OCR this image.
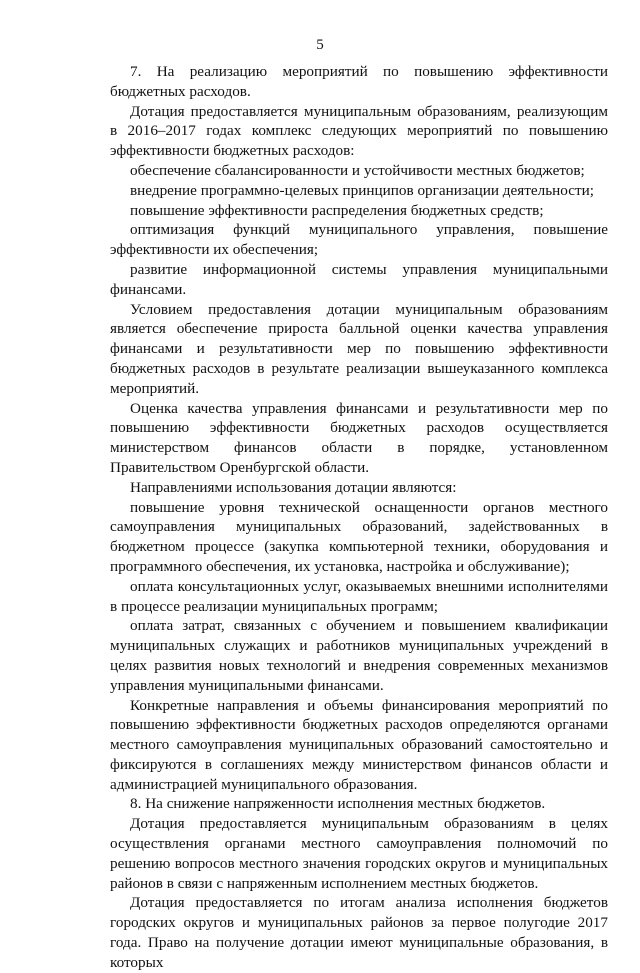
5

7. На реализацию мероприятий по повышению эффективности бюджетных расходов.

Дотация предоставляется муниципальным образованиям, реализующим в 2016–2017 годах комплекс следующих мероприятий по повышению эффективности бюджетных расходов:

обеспечение сбалансированности и устойчивости местных бюджетов;

внедрение программно-целевых принципов организации деятельности;

повышение эффективности распределения бюджетных средств;

оптимизация функций муниципального управления, повышение эффективности их обеспечения;

развитие информационной системы управления муниципальными финансами.

Условием предоставления дотации муниципальным образованиям является обеспечение прироста балльной оценки качества управления финансами и результативности мер по повышению эффективности бюджетных расходов в результате реализации вышеуказанного комплекса мероприятий.

Оценка качества управления финансами и результативности мер по повышению эффективности бюджетных расходов осуществляется министерством финансов области в порядке, установленном Правительством Оренбургской области.

Направлениями использования дотации являются:

повышение уровня технической оснащенности органов местного самоуправления муниципальных образований, задействованных в бюджетном процессе (закупка компьютерной техники, оборудования и программного обеспечения, их установка, настройка и обслуживание);

оплата консультационных услуг, оказываемых внешними исполнителями в процессе реализации муниципальных программ;

оплата затрат, связанных с обучением и повышением квалификации муниципальных служащих и работников муниципальных учреждений в целях развития новых технологий и внедрения современных механизмов управления муниципальными финансами.

Конкретные направления и объемы финансирования мероприятий по повышению эффективности бюджетных расходов определяются органами местного самоуправления муниципальных образований самостоятельно и фиксируются в соглашениях между министерством финансов области и администрацией муниципального образования.

8. На снижение напряженности исполнения местных бюджетов.

Дотация предоставляется муниципальным образованиям в целях осуществления органами местного самоуправления полномочий по решению вопросов местного значения городских округов и муниципальных районов в связи с напряженным исполнением местных бюджетов.

Дотация предоставляется по итогам анализа исполнения бюджетов городских округов и муниципальных районов за первое полугодие 2017 года. Право на получение дотации имеют муниципальные образования, в которых
